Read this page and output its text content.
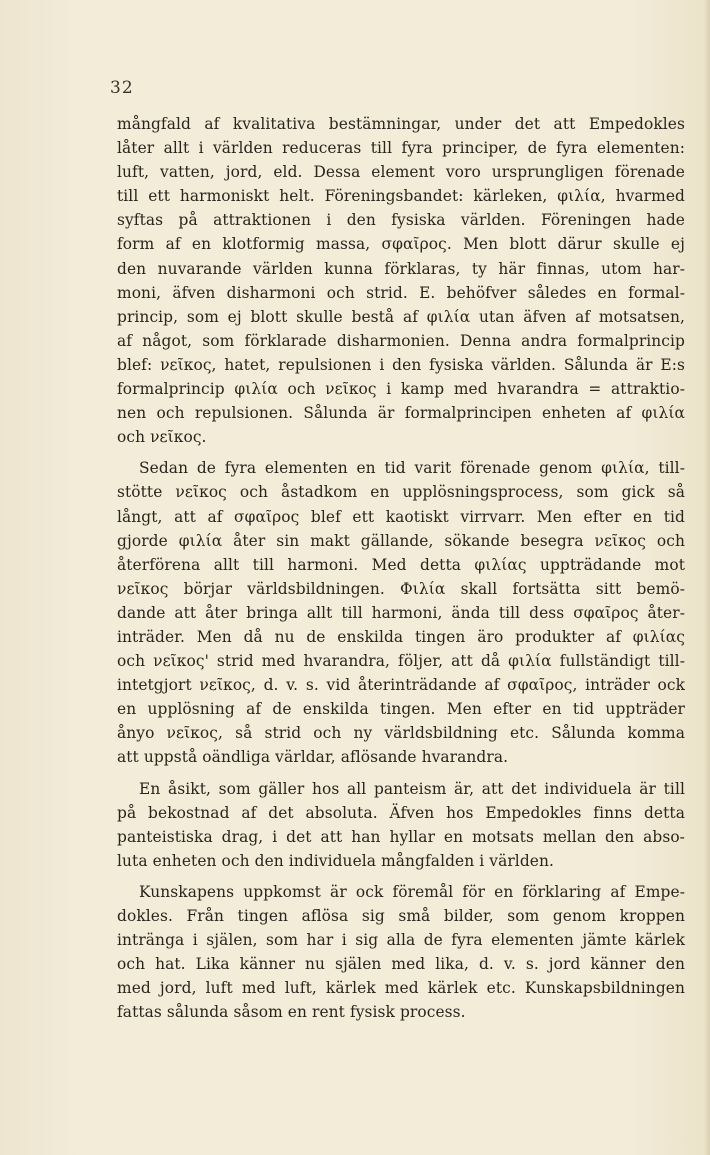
32
mångfald af kvalitativa bestämningar, under det att Empedokles
låter allt i världen reduceras till fyra principer, de fyra elementen:
luft, vatten, jord, eld. Dessa element voro ursprungligen förenade
till ett harmoniskt helt. Föreningsbandet: kärleken, φιλία, hvarmed
syftas på attraktionen i den fysiska världen. Föreningen hade
form af en klotformig massa, σφαῖρος. Men blott därur skulle ej
den nuvarande världen kunna förklaras, ty här finnas, utom har-
moni, äfven disharmoni och strid. E. behöfver således en formal-
princip, som ej blott skulle bestå af φιλία utan äfven af motsatsen,
af något, som förklarade disharmonien. Denna andra formalprincip
blef: νεῖκος, hatet, repulsionen i den fysiska världen. Sålunda är E:s
formalprincip φιλία och νεῖκος i kamp med hvarandra = attraktio-
nen och repulsionen. Sålunda är formalprincipen enheten af φιλία
och νεῖκος.
Sedan de fyra elementen en tid varit förenade genom φιλία, till-
stötte νεῖκος och åstadkom en upplösningsprocess, som gick så
långt, att af σφαῖρος blef ett kaotiskt virrvarr. Men efter en tid
gjorde φιλία åter sin makt gällande, sökande besegra νεῖκος och
återförena allt till harmoni. Med detta φιλίας uppträdande mot
νεῖκος börjar världsbildningen. Φιλία skall fortsätta sitt bemö-
dande att åter bringa allt till harmoni, ända till dess σφαῖρος åter-
inträder. Men då nu de enskilda tingen äro produkter af φιλίας
och νεῖκος' strid med hvarandra, följer, att då φιλία fullständigt till-
intetgjort νεῖκος, d. v. s. vid återinträdande af σφαῖρος, inträder ock
en upplösning af de enskilda tingen. Men efter en tid uppträder
ånyo νεῖκος, så strid och ny världsbildning etc. Sålunda komma
att uppstå oändliga världar, aflösande hvarandra.
En åsikt, som gäller hos all panteism är, att det individuela är till
på bekostnad af det absoluta. Äfven hos Empedokles finns detta
panteistiska drag, i det att han hyllar en motsats mellan den abso-
luta enheten och den individuela mångfalden i världen.
Kunskapens uppkomst är ock föremål för en förklaring af Empe-
dokles. Från tingen aflösa sig små bilder, som genom kroppen
intränga i själen, som har i sig alla de fyra elementen jämte kärlek
och hat. Lika känner nu själen med lika, d. v. s. jord känner den
med jord, luft med luft, kärlek med kärlek etc. Kunskapsbildningen
fattas sålunda såsom en rent fysisk process.
